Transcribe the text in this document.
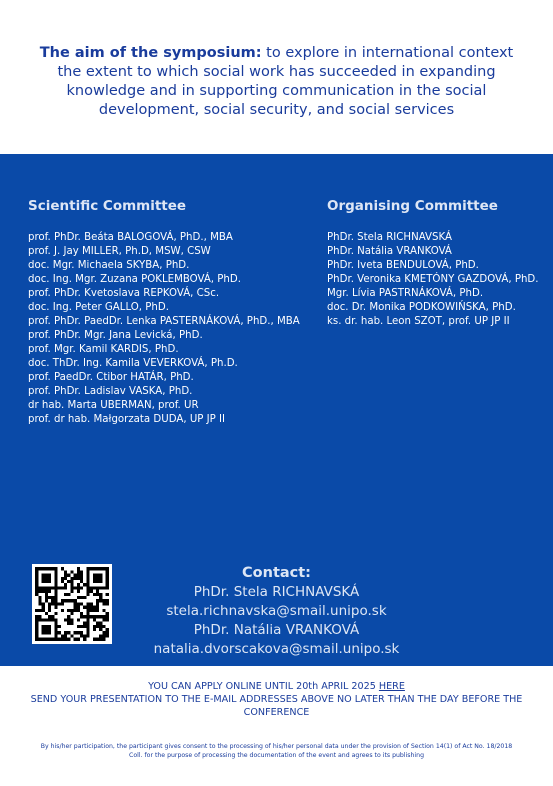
The aim of the symposium: to explore in international context the extent to which social work has succeeded in expanding knowledge and in supporting communication in the social development, social security, and social services
Scientific Committee
prof. PhDr. Beáta BALOGOVÁ, PhD., MBA
prof. J. Jay MILLER, Ph.D, MSW, CSW
doc. Mgr. Michaela SKYBA, PhD.
doc. Ing. Mgr. Zuzana POKLEMBOVÁ, PhD.
prof. PhDr. Kvetoslava REPKOVÁ, CSc.
doc. Ing. Peter GALLO, PhD.
prof. PhDr. PaedDr. Lenka PASTERNÁKOVÁ, PhD., MBA
prof. PhDr. Mgr. Jana Levická, PhD.
prof. Mgr. Kamil KARDIS, PhD.
doc. ThDr. Ing. Kamila VEVERKOVÁ, Ph.D.
prof. PaedDr. Ctibor HATÁR, PhD.
prof. PhDr. Ladislav VASKA, PhD.
dr hab. Marta UBERMAN, prof. UR
prof. dr hab. Małgorzata DUDA, UP JP II
Organising Committee
PhDr. Stela RICHNAVSKÁ
PhDr. Natália VRANKOVÁ
PhDr. Iveta BENDULOVÁ, PhD.
PhDr. Veronika KMETÓNY GAZDOVÁ, PhD.
Mgr. Lívia PASTRNÁKOVÁ, PhD.
doc. Dr. Monika PODKOWIŃSKA, PhD.
ks. dr. hab. Leon SZOT, prof. UP JP II
Contact:
PhDr. Stela RICHNAVSKÁ
stela.richnavska@smail.unipo.sk
PhDr. Natália VRANKOVÁ
natalia.dvorscakova@smail.unipo.sk
YOU CAN APPLY ONLINE UNTIL 20th APRIL 2025 HERE
SEND YOUR PRESENTATION TO THE E-MAIL ADDRESSES ABOVE NO LATER THAN THE DAY BEFORE THE CONFERENCE
By his/her participation, the participant gives consent to the processing of his/her personal data under the provision of Section 14(1) of Act No. 18/2018 Coll. for the purpose of processing the documentation of the event and agrees to its publishing
